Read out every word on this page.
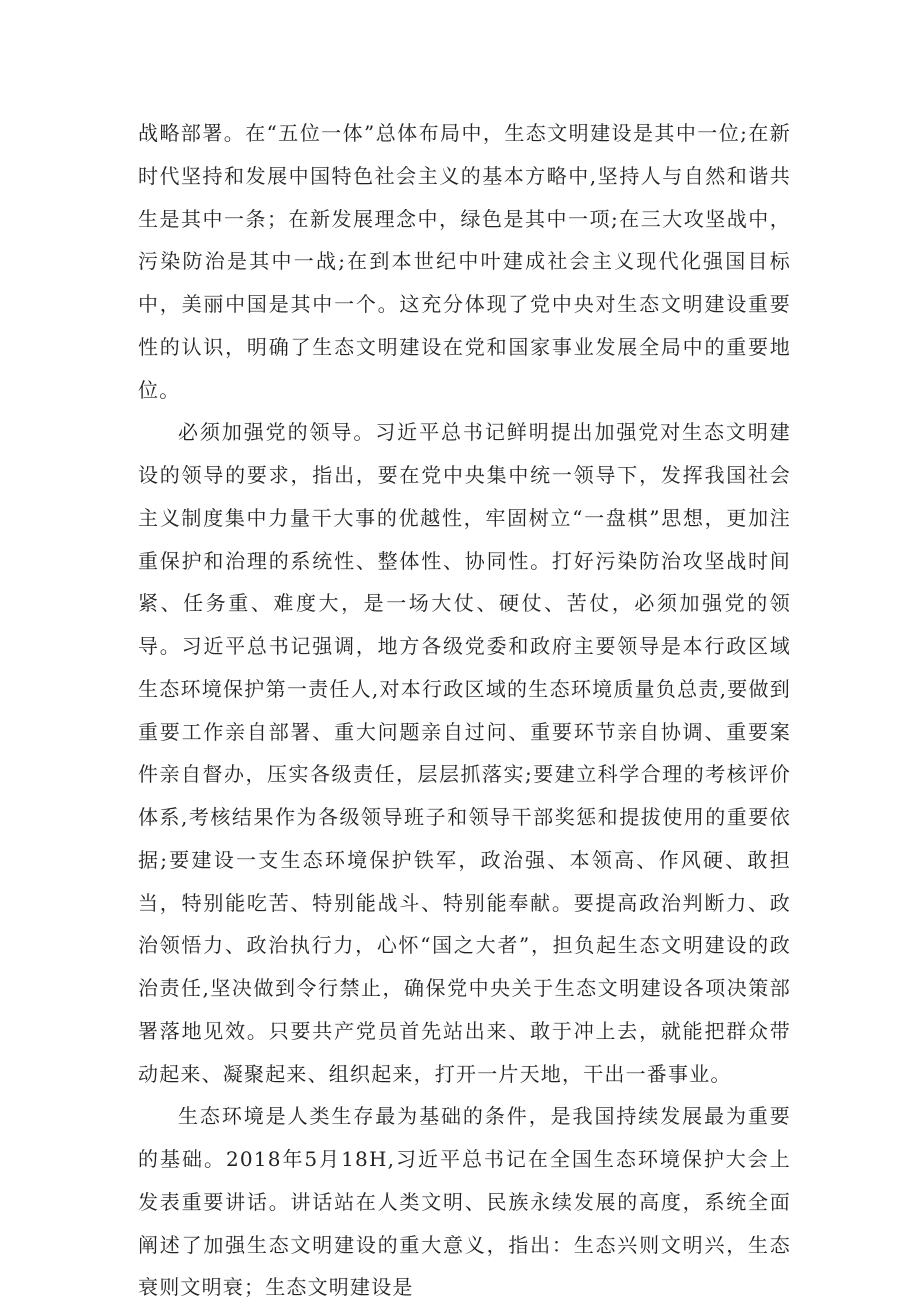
战略部署。在“五位一体”总体布局中，生态文明建设是其中一位;在新时代坚持和发展中国特色社会主义的基本方略中,坚持人与自然和谐共生是其中一条；在新发展理念中，绿色是其中一项;在三大攻坚战中，污染防治是其中一战;在到本世纪中叶建成社会主义现代化强国目标中，美丽中国是其中一个。这充分体现了党中央对生态文明建设重要性的认识，明确了生态文明建设在党和国家事业发展全局中的重要地位。

必须加强党的领导。习近平总书记鲜明提出加强党对生态文明建设的领导的要求，指出，要在党中央集中统一领导下，发挥我国社会主义制度集中力量干大事的优越性，牢固树立“一盘棋”思想，更加注重保护和治理的系统性、整体性、协同性。打好污染防治攻坚战时间紧、任务重、难度大，是一场大仗、硬仗、苦仗，必须加强党的领导。习近平总书记强调，地方各级党委和政府主要领导是本行政区域生态环境保护第一责任人,对本行政区域的生态环境质量负总责,要做到重要工作亲自部署、重大问题亲自过问、重要环节亲自协调、重要案件亲自督办，压实各级责任，层层抓落实;要建立科学合理的考核评价体系,考核结果作为各级领导班子和领导干部奖惩和提拔使用的重要依据;要建设一支生态环境保护铁军，政治强、本领高、作风硬、敢担当，特别能吃苦、特别能战斗、特别能奉献。要提高政治判断力、政治领悟力、政治执行力，心怀“国之大者”，担负起生态文明建设的政治责任,坚决做到令行禁止，确保党中央关于生态文明建设各项决策部署落地见效。只要共产党员首先站出来、敢于冲上去，就能把群众带动起来、凝聚起来、组织起来，打开一片天地，干出一番事业。

生态环境是人类生存最为基础的条件，是我国持续发展最为重要的基础。2018年5月18H,习近平总书记在全国生态环境保护大会上发表重要讲话。讲话站在人类文明、民族永续发展的高度，系统全面阐述了加强生态文明建设的重大意义，指出：生态兴则文明兴，生态衰则文明衰；生态文明建设是
